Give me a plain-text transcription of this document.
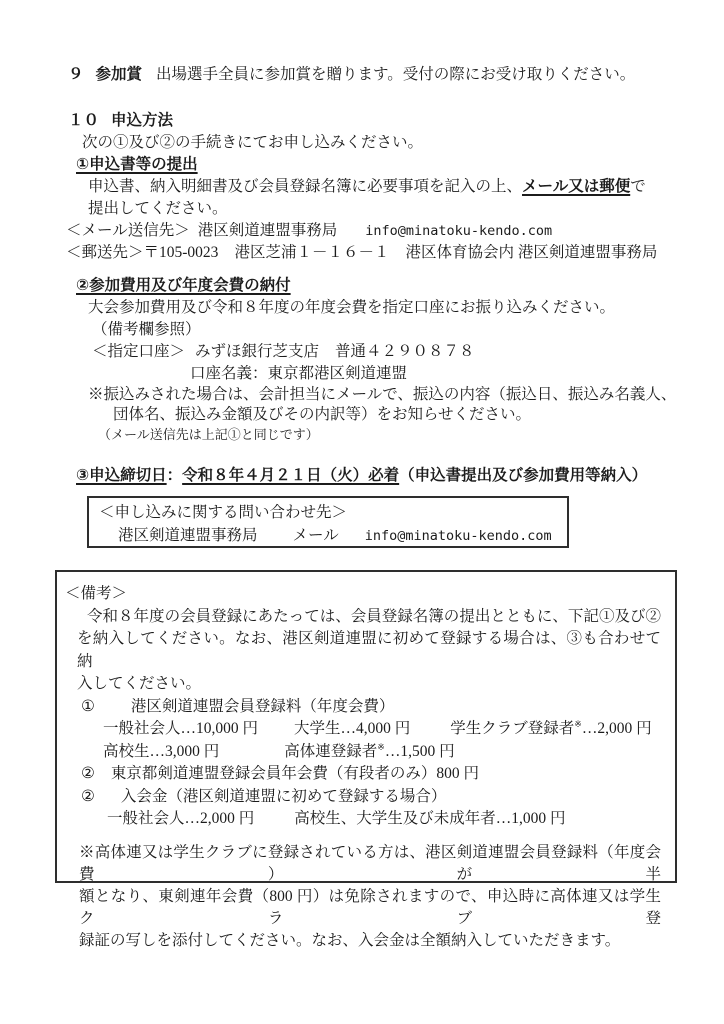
９ 参加賞 出場選手全員に参加賞を贈ります。受付の際にお受け取りください。
１０ 申込方法
次の①及び②の手続きにてお申し込みください。
①申込書等の提出
申込書、納入明細書及び会員登録名簿に必要事項を記入の上、メール又は郵便で
提出してください。
＜メール送信先＞ 港区剣道連盟事務局 info@minatoku-kendo.com
＜郵送先＞〒105-0023 港区芝浦１－１６－１ 港区体育協会内 港区剣道連盟事務局
②参加費用及び年度会費の納付
大会参加費用及び令和８年度の年度会費を指定口座にお振り込みください。
（備考欄参照）
＜指定口座＞ みずほ銀行芝支店 普通４２９０８７８
口座名義：東京都港区剣道連盟
※振込みされた場合は、会計担当にメールで、振込の内容（振込日、振込み名義人、
団体名、振込み金額及びその内訳等）をお知らせください。
（メール送信先は上記①と同じです）
③申込締切日：令和８年４月２１日（火）必着（申込書提出及び参加費用等納入）
＜申し込みに関する問い合わせ先＞
港区剣道連盟事務局 メール info@minatoku-kendo.com
＜備考＞
令和８年度の会員登録にあたっては、会員登録名簿の提出とともに、下記①及び②
を納入してください。なお、港区剣道連盟に初めて登録する場合は、③も合わせて納
入してください。
① 港区剣道連盟会員登録料（年度会費）
一般社会人…10,000 円 大学生…4,000 円	学生クラブ登録者※…2,000 円
高校生…3,000 円	高体連登録者※…1,500 円
② 東京都剣道連盟登録会員年会費（有段者のみ）800 円
② 入会金（港区剣道連盟に初めて登録する場合）
一般社会人…2,000 円	高校生、大学生及び未成年者…1,000 円
※高体連又は学生クラブに登録されている方は、港区剣道連盟会員登録料（年度会費）が半
額となり、東剣連年会費（800 円）は免除されますので、申込時に高体連又は学生クラブ登
録証の写しを添付してください。なお、入会金は全額納入していただきます。
